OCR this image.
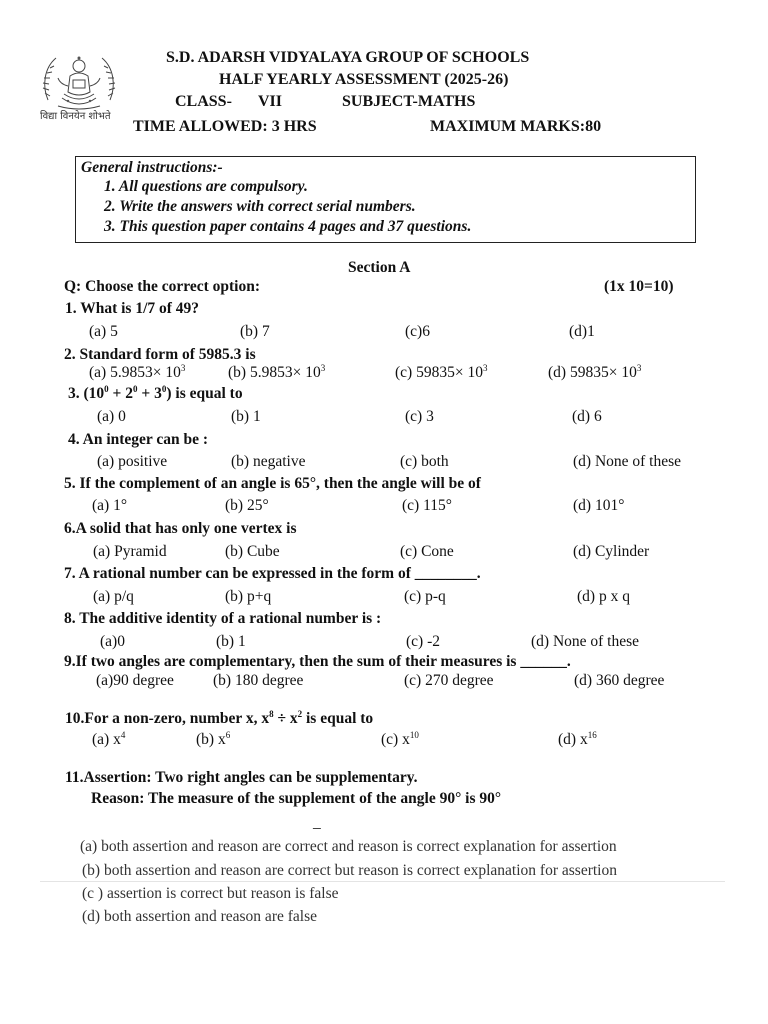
विद्या विनयेन शोभते
S.D. ADARSH VIDYALAYA GROUP OF SCHOOLS
HALF YEARLY ASSESSMENT (2025-26)
CLASS- VII	SUBJECT-MATHS
TIME ALLOWED: 3 HRS	MAXIMUM MARKS:80
General instructions:-
1. All questions are compulsory.
2. Write the answers with correct serial numbers.
3. This question paper contains 4 pages and 37 questions.
Section A
Q: Choose the correct option:	(1x 10=10)
1. What is 1/7 of 49?
(a) 5	(b) 7	(c)6	(d)1
2. Standard form of 5985.3 is
(a) $5.9853\times 10^3$	(b) $5.9853\times 10^3$	(c) $59835\times 10^3$	(d) $59835\times 10^3$
3. $(10^0 + 2^0 + 3^0)$ is equal to
(a) 0	(b) 1	(c) 3	(d) 6
4. An integer can be :
(a) positive	(b) negative	(c) both	(d) None of these
5. If the complement of an angle is 65°, then the angle will be of
(a) 1°	(b) 25°	(c) 115°	(d) 101°
6.A solid that has only one vertex is
(a) Pyramid	(b) Cube	(c) Cone	(d) Cylinder
7. A rational number can be expressed in the form of ________.
(a) p/q	(b) p+q	(c) p-q	(d) p x q
8. The additive identity of a rational number is :
(a)0	(b) 1	(c) -2	(d) None of these
9.If two angles are complementary, then the sum of their measures is ______.
(a)90 degree	(b) 180 degree	(c) 270 degree	(d) 360 degree
10.For a non-zero, number x, $x^8 \div x^2$ is equal to
(a) $x^4$	(b) $x^6$	(c) $x^{10}$	(d) $x^{16}$
11.Assertion: Two right angles can be supplementary.
Reason: The measure of the supplement of the angle 90° is 90°
_
(a) both assertion and reason are correct and reason is correct explanation for assertion
(b) both assertion and reason are correct but reason is correct explanation for assertion
(c ) assertion is correct but reason is false
(d) both assertion and reason are false
